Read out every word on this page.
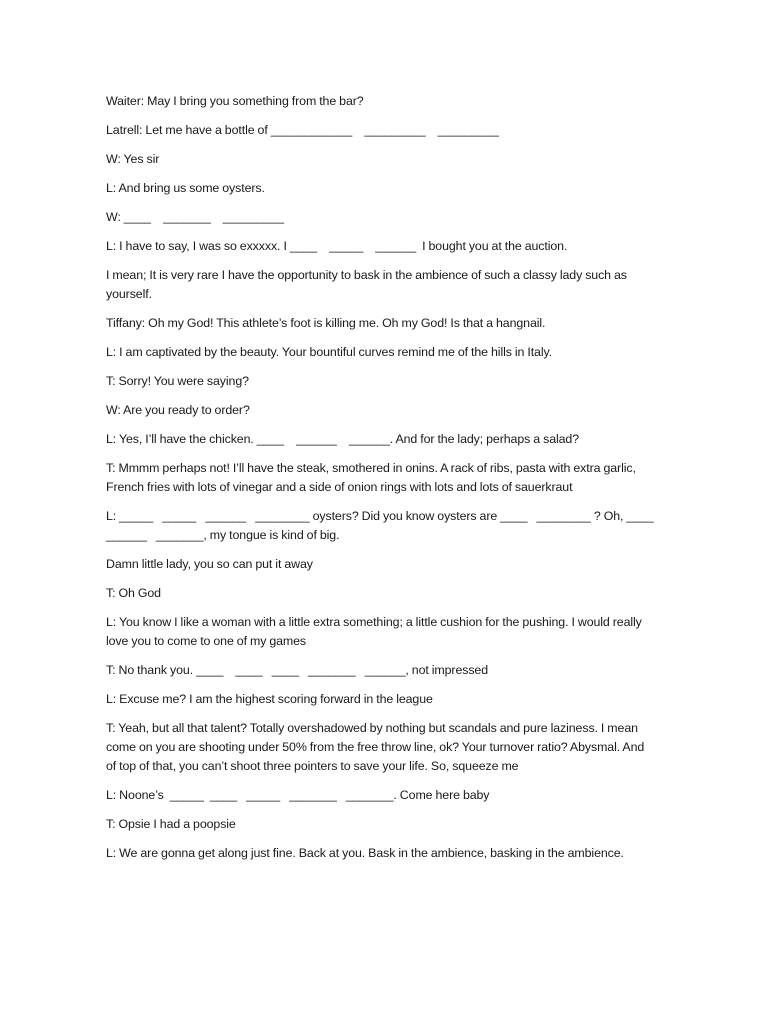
Waiter: May I bring you something from the bar?

Latrell: Let me have a bottle of ____________    _________    _________

W: Yes sir

L: And bring us some oysters.

W: ____    _______    _________

L: I have to say, I was so exxxxx. I ____    _____    ______  I bought you at the auction.

I mean; It is very rare I have the opportunity to bask in the ambience of such a classy lady such as yourself.

Tiffany: Oh my God! This athlete’s foot is killing me. Oh my God! Is that a hangnail.

L: I am captivated by the beauty. Your bountiful curves remind me of the hills in Italy.

T: Sorry! You were saying?

W: Are you ready to order?

L: Yes, I’ll have the chicken. ____    ______    ______. And for the lady; perhaps a salad?

T: Mmmm perhaps not! I’ll have the steak, smothered in onins. A rack of ribs, pasta with extra garlic, French fries with lots of vinegar and a side of onion rings with lots and lots of sauerkraut

L: _____   _____   ______   ________ oysters? Did you know oysters are ____   ________ ? Oh, ____   ______   _______, my tongue is kind of big.

Damn little lady, you so can put it away

T: Oh God

L: You know I like a woman with a little extra something; a little cushion for the pushing. I would really love you to come to one of my games

T: No thank you. ____    ____   ____   _______   ______, not impressed

L: Excuse me? I am the highest scoring forward in the league

T: Yeah, but all that talent? Totally overshadowed by nothing but scandals and pure laziness. I mean come on you are shooting under 50% from the free throw line, ok? Your turnover ratio? Abysmal. And of top of that, you can’t shoot three pointers to save your life. So, squeeze me

L: Noone’s  _____  ____   _____   _______   _______. Come here baby

T: Opsie I had a poopsie

L: We are gonna get along just fine. Back at you. Bask in the ambience, basking in the ambience.
